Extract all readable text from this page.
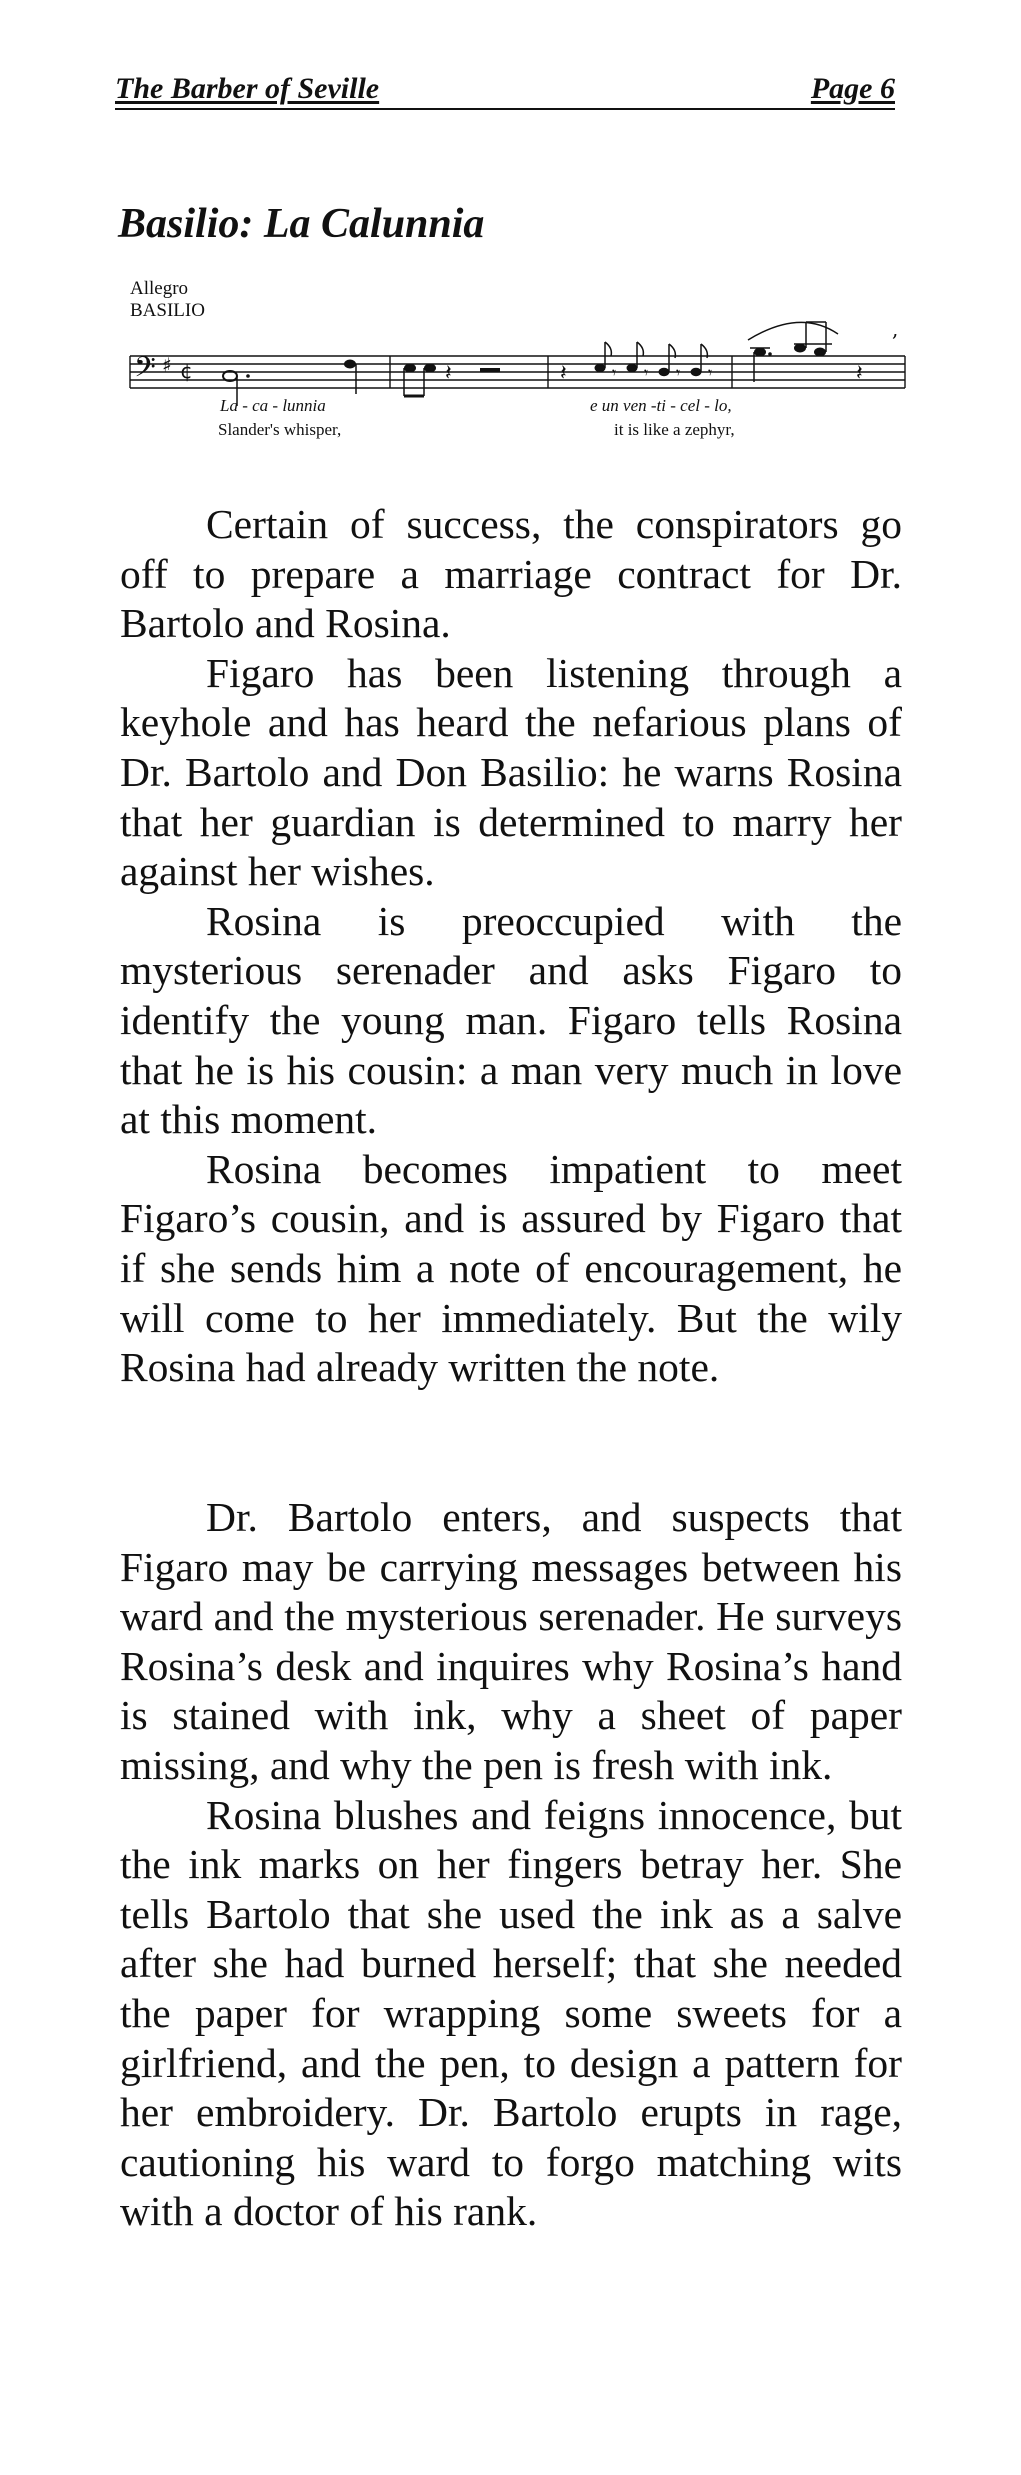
The Barber of Seville	Page 6
Basilio: La Calunnia
𝄢 ♯ ¢	𝄽	𝄽	𝄾 𝄾 𝄾 𝄾	𝄽
,
Allegro
BASILIO
La - ca - lunnia	e un ven -ti - cel - lo,
Slander's whisper,	it is like a zephyr,

Certain of success, the conspirators go off to prepare a marriage contract for Dr. Bartolo and Rosina.

Figaro has been listening through a keyhole and has heard the nefarious plans of Dr. Bartolo and Don Basilio: he warns Rosina that her guardian is determined to marry her against her wishes.

Rosina is preoccupied with the mysterious serenader and asks Figaro to identify the young man. Figaro tells Rosina that he is his cousin: a man very much in love at this moment.

Rosina becomes impatient to meet Figaro’s cousin, and is assured by Figaro that if she sends him a note of encouragement, he will come to her immediately. But the wily Rosina had already written the note.

Dr. Bartolo enters, and suspects that Figaro may be carrying messages between his ward and the mysterious serenader. He surveys Rosina’s desk and inquires why Rosina’s hand is stained with ink, why a sheet of paper missing, and why the pen is fresh with ink.

Rosina blushes and feigns innocence, but the ink marks on her fingers betray her. She tells Bartolo that she used the ink as a salve after she had burned herself; that she needed the paper for wrapping some sweets for a girlfriend, and the pen, to design a pattern for her embroidery. Dr. Bartolo erupts in rage, cautioning his ward to forgo matching wits with a doctor of his rank.
